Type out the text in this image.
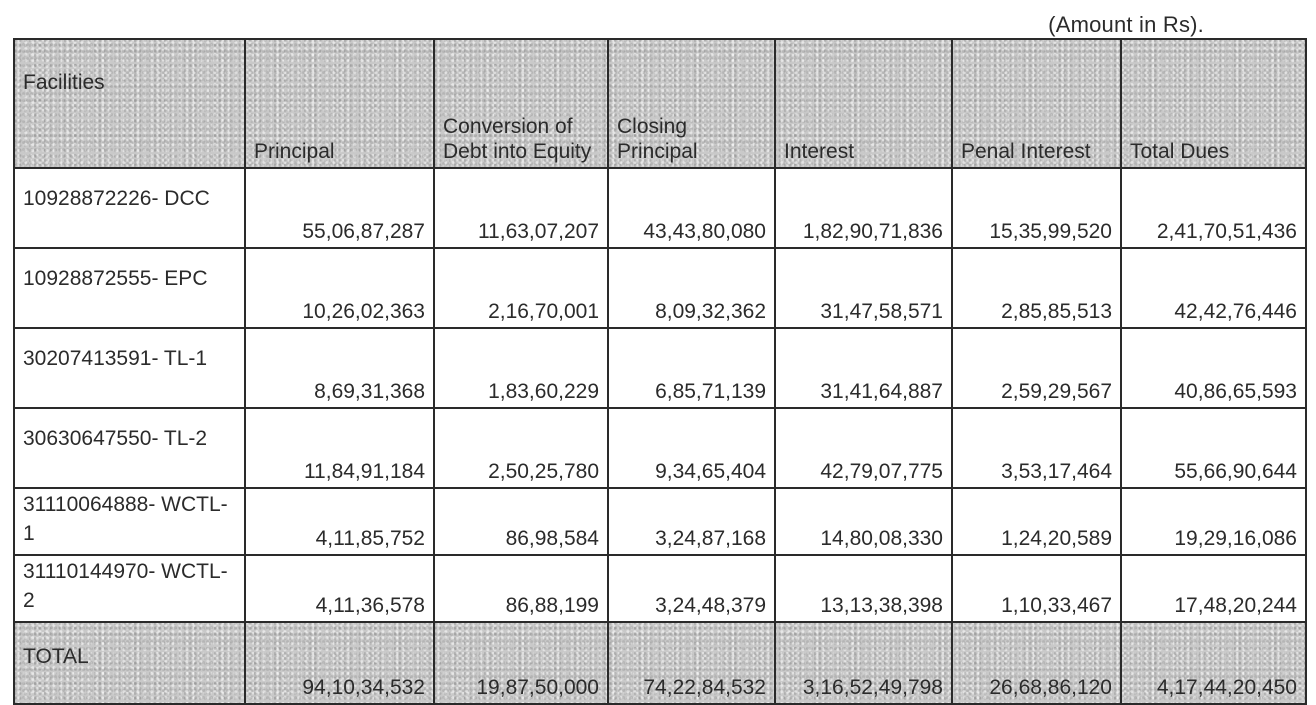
(Amount in Rs).
Facilities	Principal	Conversion of Debt into Equity	Closing Principal	Interest	Penal Interest	Total Dues
10928872226- DCC	55,06,87,287	11,63,07,207	43,43,80,080	1,82,90,71,836	15,35,99,520	2,41,70,51,436
10928872555- EPC	10,26,02,363	2,16,70,001	8,09,32,362	31,47,58,571	2,85,85,513	42,42,76,446
30207413591- TL-1	8,69,31,368	1,83,60,229	6,85,71,139	31,41,64,887	2,59,29,567	40,86,65,593
30630647550- TL-2	11,84,91,184	2,50,25,780	9,34,65,404	42,79,07,775	3,53,17,464	55,66,90,644
31110064888- WCTL-1	4,11,85,752	86,98,584	3,24,87,168	14,80,08,330	1,24,20,589	19,29,16,086
31110144970- WCTL-2	4,11,36,578	86,88,199	3,24,48,379	13,13,38,398	1,10,33,467	17,48,20,244
TOTAL	94,10,34,532	19,87,50,000	74,22,84,532	3,16,52,49,798	26,68,86,120	4,17,44,20,450
